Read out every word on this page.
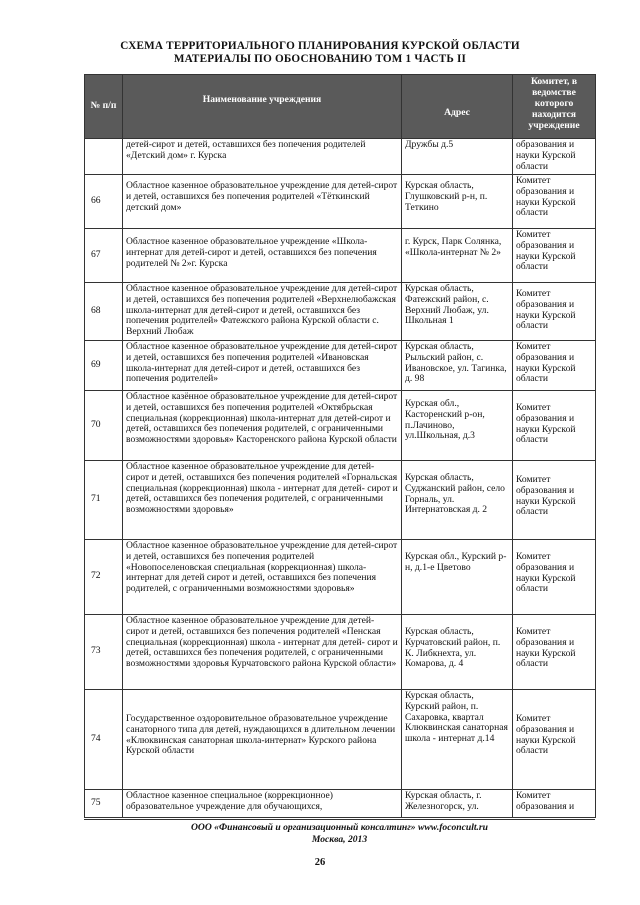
СХЕМА ТЕРРИТОРИАЛЬНОГО ПЛАНИРОВАНИЯ КУРСКОЙ ОБЛАСТИ
МАТЕРИАЛЫ ПО ОБОСНОВАНИЮ ТОМ 1 ЧАСТЬ II
№ п/п	Наименование учреждения	Адрес	Комитет, в ведомстве которого находится учреждение
	детей-сирот и детей, оставшихся без попечения родителей «Детский дом» г. Курска	Дружбы д.5	образования и науки Курской области
66	Областное казенное образовательное учреждение для детей-сирот и детей, оставшихся без попечения родителей «Тёткинский детский дом»	Курская область, Глушковский р-н, п. Теткино	Комитет образования и науки Курской области
67	Областное казенное образовательное учреждение «Школа-интернат для детей-сирот и детей, оставшихся без попечения родителей № 2»г. Курска	г. Курск, Парк Солянка, «Школа-интернат № 2»	Комитет образования и науки Курской области
68	Областное казенное образовательное учреждение для детей-сирот и детей, оставшихся без попечения родителей «Верхнелюбажская школа-интернат для детей-сирот и детей, оставшихся без попечения родителей» Фатежского района Курской области с. Верхний Любаж	Курская область, Фатежский район, с. Верхний Любаж, ул. Школьная 1	Комитет образования и науки Курской области
69	Областное казенное образовательное учреждение для детей-сирот и детей, оставшихся без попечения родителей «Ивановская школа-интернат для детей-сирот и детей, оставшихся без попечения родителей»	Курская область, Рыльский район, с. Ивановское, ул. Тагинка, д. 98	Комитет образования и науки Курской области
70	Областное казённое образовательное учреждение для детей-сирот и детей, оставшихся без попечения родителей «Октябрьская специальная (коррекционная) школа-интернат для детей-сирот и детей, оставшихся без попечения родителей, с ограниченными возможностями здоровья» Касторенского района Курской области	Курская обл., Касторенский р-он, п.Лачиново, ул.Школьная, д.3	Комитет образования и науки Курской области
71	Областное казенное образовательное учреждение для детей- сирот и детей, оставшихся без попечения родителей «Горнальская специальная (коррекционная) школа - интернат для детей- сирот и детей, оставшихся без попечения родителей, с ограниченными возможностями здоровья»	Курская область, Суджанский район, село Горналь, ул. Интернатовская д. 2	Комитет образования и науки Курской области
72	Областное казенное образовательное учреждение для детей-сирот и детей, оставшихся без попечения родителей «Новопоселеновская специальная (коррекционная) школа-интернат для детей сирот и детей, оставшихся без попечения родителей, с ограниченными возможностями здоровья»	Курская обл., Курский р-н, д.1-е Цветово	Комитет образования и науки Курской области
73	Областное казенное образовательное учреждение для детей- сирот и детей, оставшихся без попечения родителей «Пенская специальная (коррекционная) школа - интернат для детей- сирот и детей, оставшихся без попечения родителей, с ограниченными возможностями здоровья Курчатовского района Курской области»	Курская область, Курчатовский район, п. К. Либкнехта, ул. Комарова, д. 4	Комитет образования и науки Курской области
74	Государственное оздоровительное образовательное учреждение санаторного типа для детей, нуждающихся в длительном лечении «Клюквинская санаторная школа-интернат» Курского района Курской области	Курская область, Курский район, п. Сахаровка, квартал Клюквинская санаторная школа - интернат д.14	Комитет образования и науки Курской области
75	Областное казенное специальное (коррекционное) образовательное учреждение для обучающихся,	Курская область, г. Железногорск, ул.	Комитет образования и
ООО «Финансовый и организационный консалтинг» www.foconcult.ru
Москва, 2013
26
